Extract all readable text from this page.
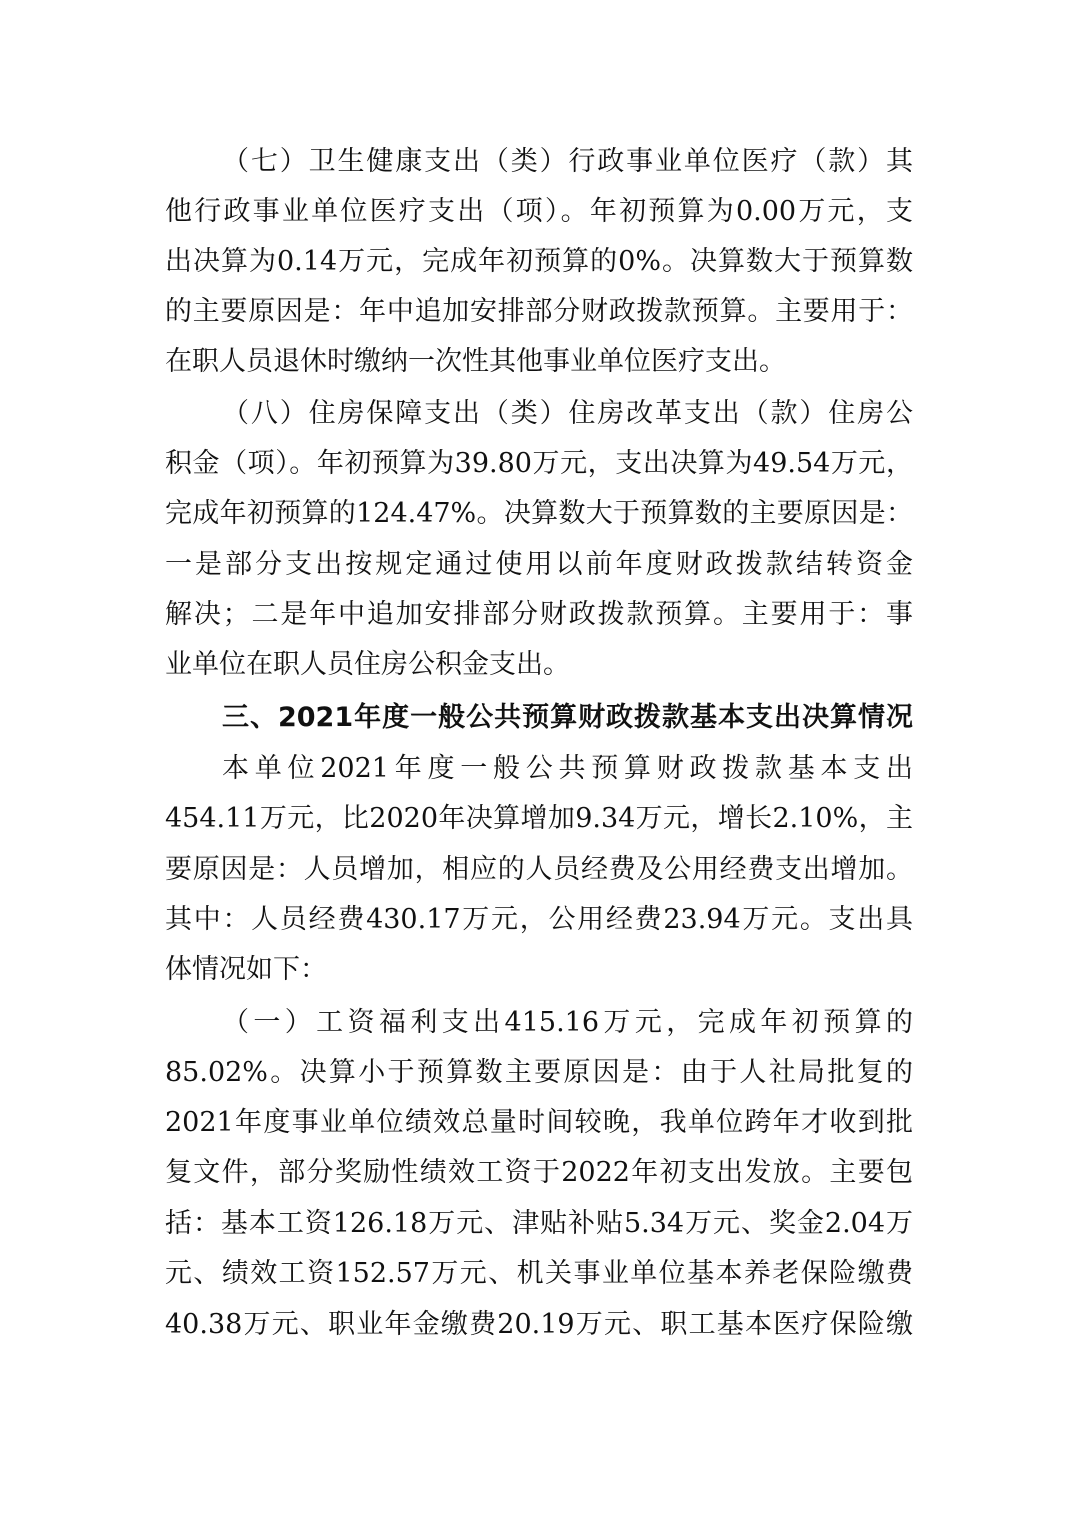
（七）卫生健康支出（类）行政事业单位医疗（款）其
他行政事业单位医疗支出（项）。年初预算为0.00万元，支
出决算为0.14万元，完成年初预算的0%。决算数大于预算数
的主要原因是：年中追加安排部分财政拨款预算。主要用于：
在职人员退休时缴纳一次性其他事业单位医疗支出。
（八）住房保障支出（类）住房改革支出（款）住房公
积金（项）。年初预算为39.80万元，支出决算为49.54万元，
完成年初预算的124.47%。决算数大于预算数的主要原因是：
一是部分支出按规定通过使用以前年度财政拨款结转资金
解决；二是年中追加安排部分财政拨款预算。主要用于：事
业单位在职人员住房公积金支出。
三、2021年度一般公共预算财政拨款基本支出决算情况
本单位2021年度一般公共预算财政拨款基本支出
454.11万元，比2020年决算增加9.34万元，增长2.10%，主
要原因是：人员增加，相应的人员经费及公用经费支出增加。
其中：人员经费430.17万元，公用经费23.94万元。支出具
体情况如下：
（一）工资福利支出415.16万元，完成年初预算的
85.02%。决算小于预算数主要原因是：由于人社局批复的
2021年度事业单位绩效总量时间较晚，我单位跨年才收到批
复文件，部分奖励性绩效工资于2022年初支出发放。主要包
括：基本工资126.18万元、津贴补贴5.34万元、奖金2.04万
元、绩效工资152.57万元、机关事业单位基本养老保险缴费
40.38万元、职业年金缴费20.19万元、职工基本医疗保险缴
